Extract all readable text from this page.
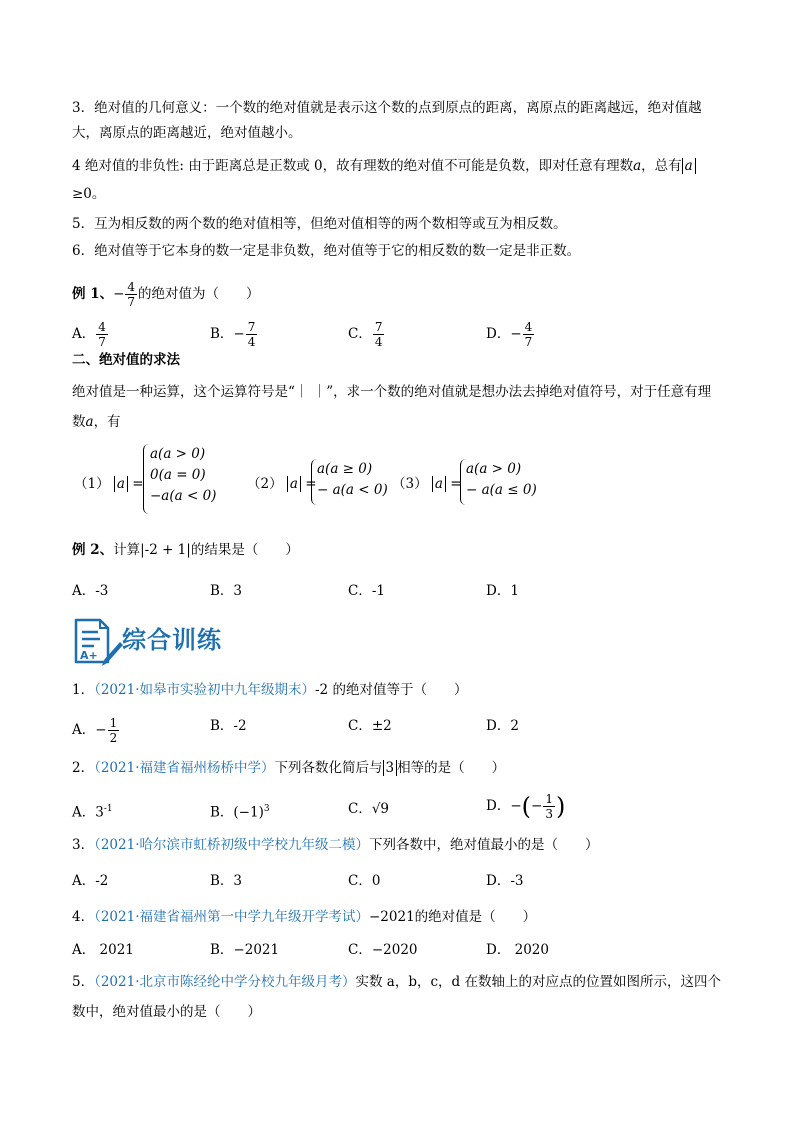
3．绝对值的几何意义：一个数的绝对值就是表示这个数的点到原点的距离，离原点的距离越远，绝对值越
大，离原点的距离越近，绝对值越小。
4 绝对值的非负性: 由于距离总是正数或 0，故有理数的绝对值不可能是负数，即对任意有理数a，总有 a
≥0。
5．互为相反数的两个数的绝对值相等，但绝对值相等的两个数相等或互为相反数。
6．绝对值等于它本身的数一定是非负数，绝对值等于它的相反数的数一定是非正数。
例 1、− $\frac{4}{7}$ 的绝对值为（　　）
A． $\frac{4}{7}$	B．− $\frac{7}{4}$	C． $\frac{7}{4}$	D．− $\frac{4}{7}$
二、绝对值的求法
绝对值是一种运算，这个运算符号是“｜ ｜”，求一个数的绝对值就是想办法去掉绝对值符号，对于任意有理
数a，有
（1） a =
a(a > 0)
0(a = 0)
−a(a < 0)
（2） a =
a(a ≥ 0)
− a(a < 0) （3） a =
a(a > 0)
− a(a ≤ 0)
例 2、计算|-2 + 1|的结果是（　　）
A．-3	B．3	C．-1	D．1
A+
综合训练
1．（2021·如皋市实验初中九年级期末）-2 的绝对值等于（　　）
A．− $\frac{1}{2}$	B．-2	C．±2	D．2
2．（2021·福建省福州杨桥中学）下列各数化简后与 3 相等的是（　　）
A．$3^{-1}$	B．$(-1)^3$	C．√9	D．−(− $\frac{1}{3}$ )
3．（2021·哈尔滨市虹桥初级中学校九年级二模）下列各数中，绝对值最小的是（　　）
A．-2	B．3	C．0	D．-3
4．（2021·福建省福州第一中学九年级开学考试）−2021的绝对值是（　　）
A． 2021	B．−2021	C．−2020	D． 2020
5．（2021·北京市陈经纶中学分校九年级月考）实数 a，b，c，d 在数轴上的对应点的位置如图所示，这四个
数中，绝对值最小的是（　　）
